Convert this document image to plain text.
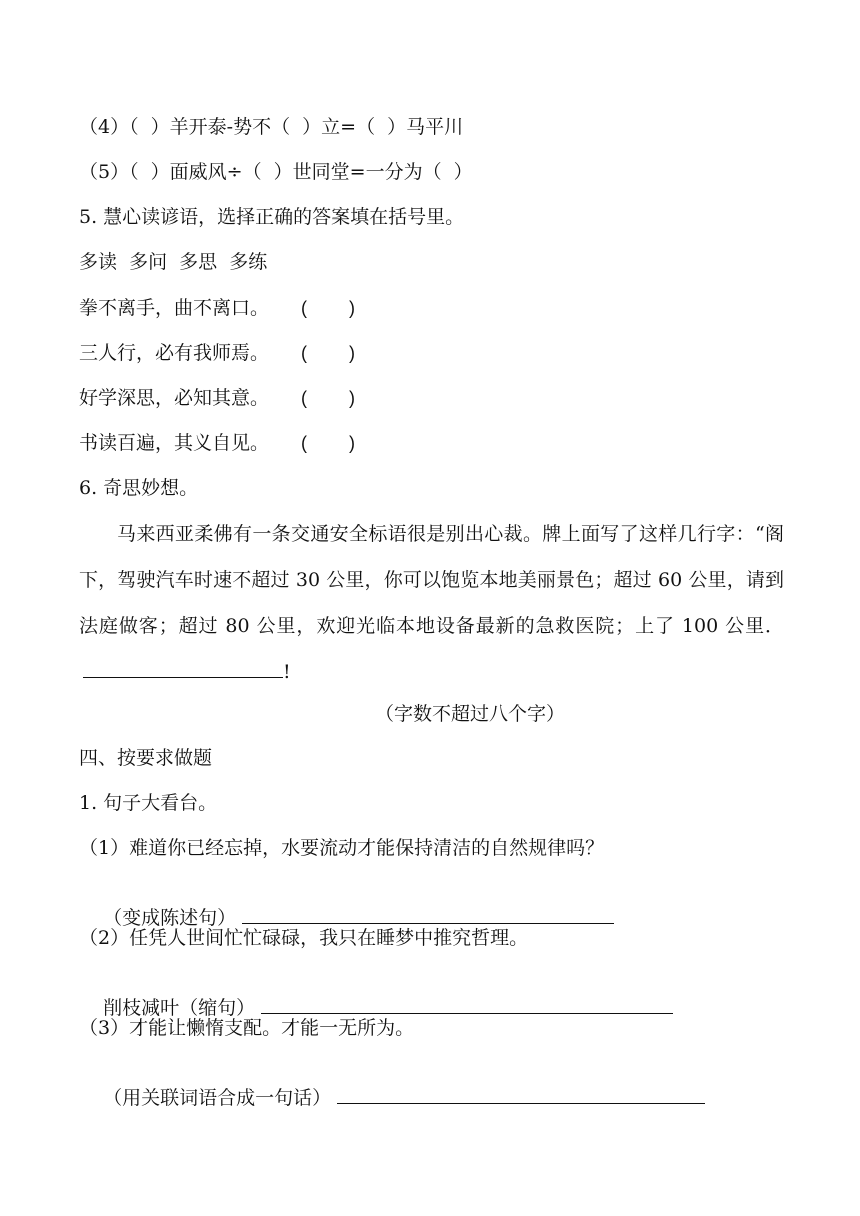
（4）（  ）羊开泰-势不（  ）立=（  ）马平川
（5）（  ）面威风÷（  ）世同堂=一分为（  ）
5. 慧心读谚语，选择正确的答案填在括号里。
多读  多问  多思  多练
拳不离手，曲不离口。	( )
三人行，必有我师焉。	( )
好学深思，必知其意。	( )
书读百遍，其义自见。	( )
6. 奇思妙想。
马来西亚柔佛有一条交通安全标语很是别出心裁。牌上面写了这样几行字：“阁下，驾驶汽车时速不超过 30 公里，你可以饱览本地美丽景色；超过 60 公里，请到法庭做客；超过 80 公里，欢迎光临本地设备最新的急救医院；上了 100 公里．!
（字数不超过八个字）
四、按要求做题
1. 句子大看台。
（1）难道你已经忘掉，水要流动才能保持清洁的自然规律吗？

（变成陈述句）

（2）任凭人世间忙忙碌碌，我只在睡梦中推究哲理。

削枝减叶（缩句）

（3）才能让懒惰支配。才能一无所为。

（用关联词语合成一句话）
